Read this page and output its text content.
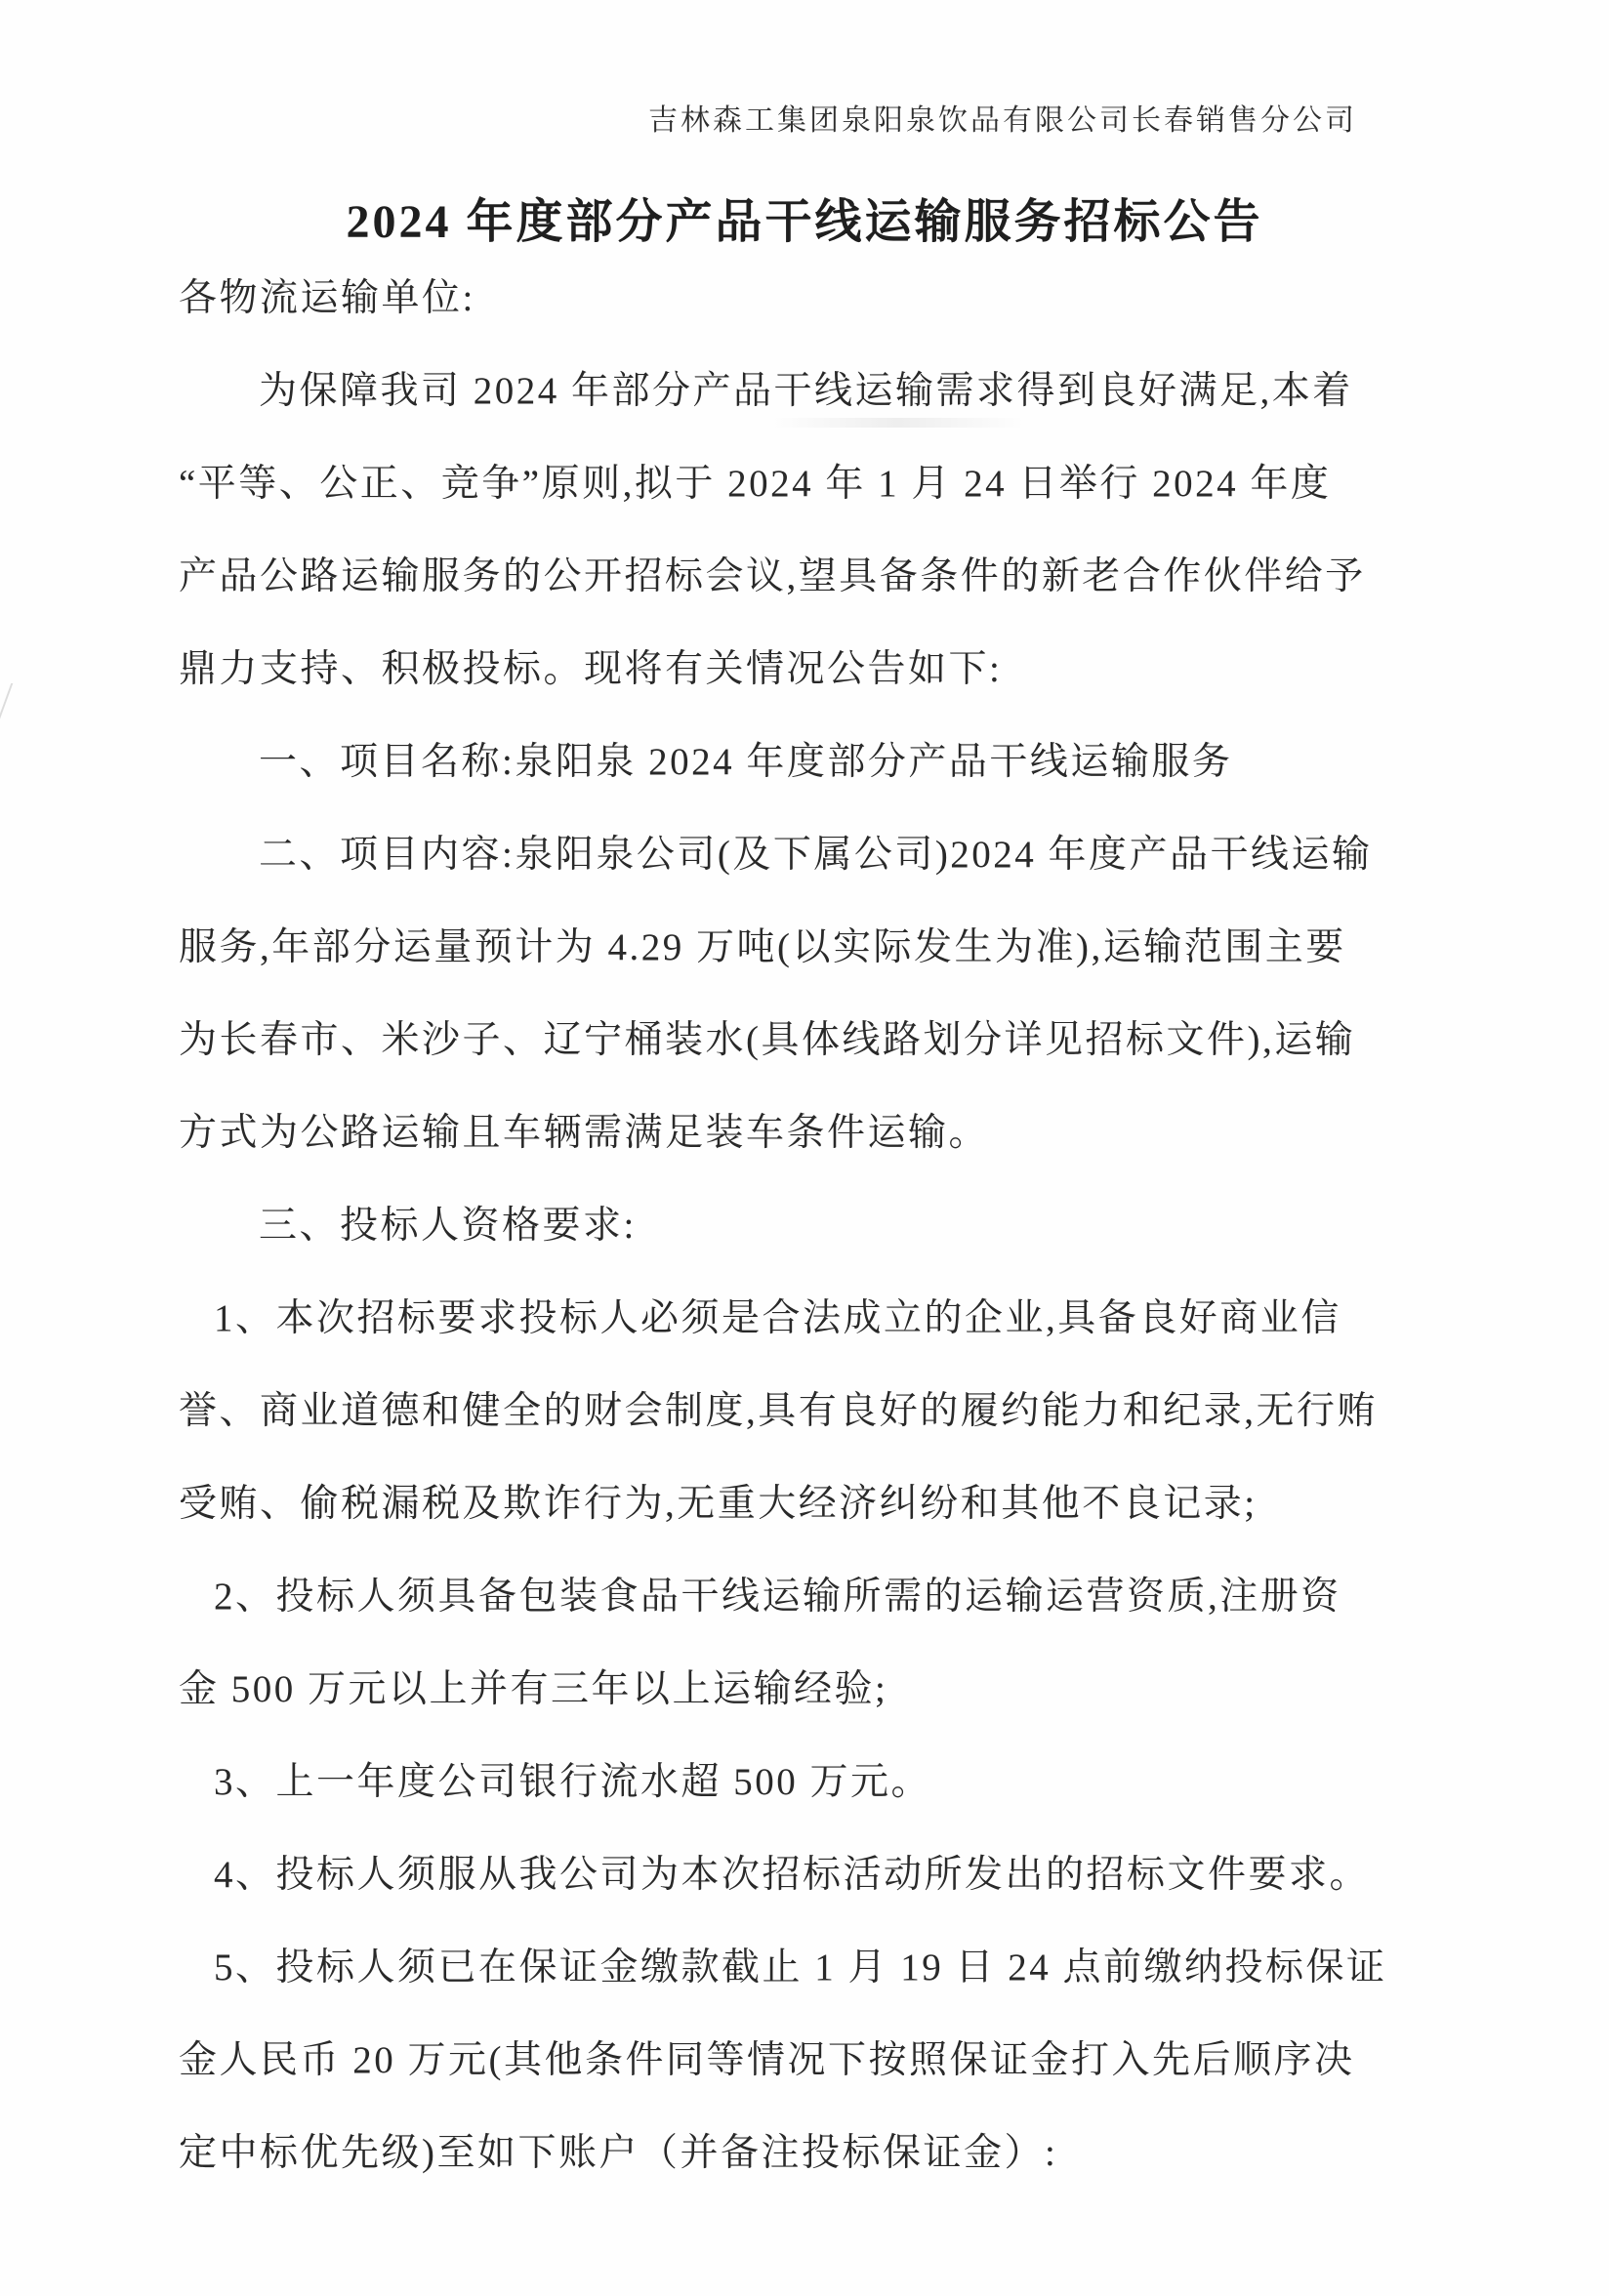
吉林森工集团泉阳泉饮品有限公司长春销售分公司
2024 年度部分产品干线运输服务招标公告
各物流运输单位:
为保障我司 2024 年部分产品干线运输需求得到良好满足,本着
“平等、公正、竞争”原则,拟于 2024 年 1 月 24 日举行 2024 年度
产品公路运输服务的公开招标会议,望具备条件的新老合作伙伴给予
鼎力支持、积极投标。现将有关情况公告如下:
一、项目名称:泉阳泉 2024 年度部分产品干线运输服务
二、项目内容:泉阳泉公司(及下属公司)2024 年度产品干线运输
服务,年部分运量预计为 4.29 万吨(以实际发生为准),运输范围主要
为长春市、米沙子、辽宁桶装水(具体线路划分详见招标文件),运输
方式为公路运输且车辆需满足装车条件运输。
三、投标人资格要求:
1、本次招标要求投标人必须是合法成立的企业,具备良好商业信
誉、商业道德和健全的财会制度,具有良好的履约能力和纪录,无行贿
受贿、偷税漏税及欺诈行为,无重大经济纠纷和其他不良记录;
2、投标人须具备包装食品干线运输所需的运输运营资质,注册资
金 500 万元以上并有三年以上运输经验;
3、上一年度公司银行流水超 500 万元。
4、投标人须服从我公司为本次招标活动所发出的招标文件要求。
5、投标人须已在保证金缴款截止 1 月 19 日 24 点前缴纳投标保证
金人民币 20 万元(其他条件同等情况下按照保证金打入先后顺序决
定中标优先级)至如下账户（并备注投标保证金）:
